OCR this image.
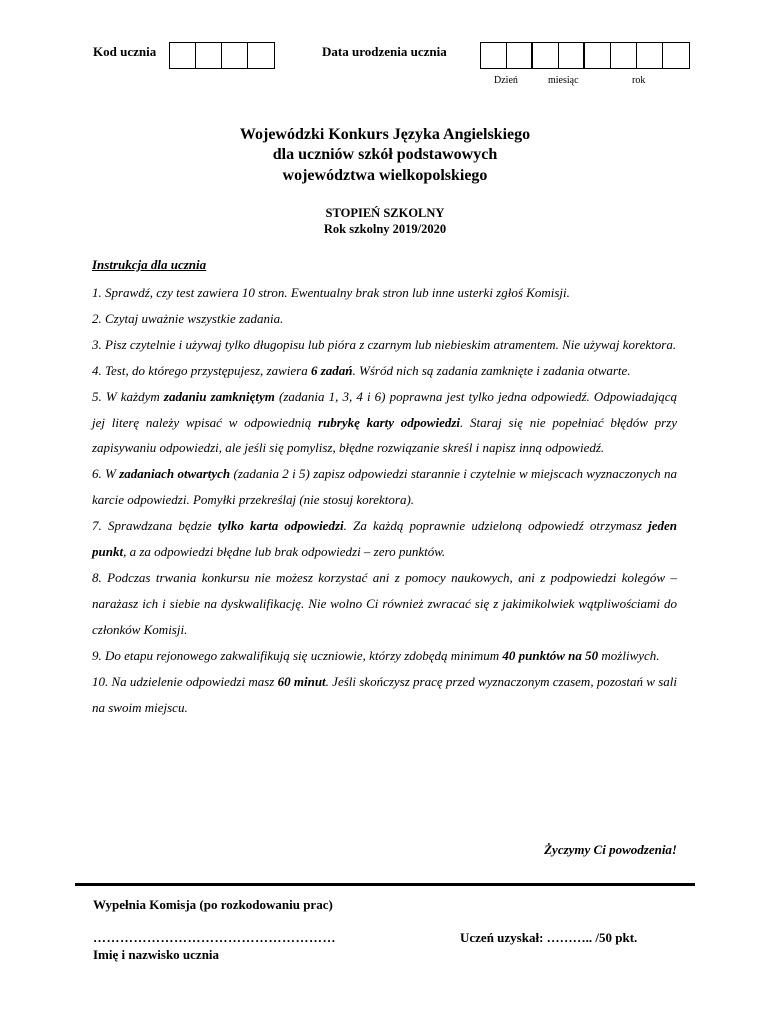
Kod ucznia	Data urodzenia ucznia
Dzień	miesiąc	rok
Wojewódzki Konkurs Języka Angielskiego
dla uczniów szkół podstawowych
województwa wielkopolskiego
STOPIEŃ SZKOLNY
Rok szkolny 2019/2020
Instrukcja dla ucznia

1. Sprawdź, czy test zawiera 10 stron. Ewentualny brak stron lub inne usterki zgłoś Komisji.

2. Czytaj uważnie wszystkie zadania.

3. Pisz czytelnie i używaj tylko długopisu lub pióra z czarnym lub niebieskim atramentem. Nie używaj korektora.

4. Test, do którego przystępujesz, zawiera 6 zadań. Wśród nich są zadania zamknięte i zadania otwarte.

5. W każdym zadaniu zamkniętym (zadania 1, 3, 4 i 6) poprawna jest tylko jedna odpowiedź. Odpowiadającą jej literę należy wpisać w odpowiednią rubrykę karty odpowiedzi. Staraj się nie popełniać błędów przy zapisywaniu odpowiedzi, ale jeśli się pomylisz, błędne rozwiązanie skreśl i napisz inną odpowiedź.

6. W zadaniach otwartych (zadania 2 i 5) zapisz odpowiedzi starannie i czytelnie w miejscach wyznaczonych na karcie odpowiedzi. Pomyłki przekreślaj (nie stosuj korektora).

7. Sprawdzana będzie tylko karta odpowiedzi. Za każdą poprawnie udzieloną odpowiedź otrzymasz jeden punkt, a za odpowiedzi błędne lub brak odpowiedzi – zero punktów.

8. Podczas trwania konkursu nie możesz korzystać ani z pomocy naukowych, ani z podpowiedzi kolegów – narażasz ich i siebie na dyskwalifikację. Nie wolno Ci również zwracać się z jakimikolwiek wątpliwościami do członków Komisji.

9. Do etapu rejonowego zakwalifikują się uczniowie, którzy zdobędą minimum 40 punktów na 50 możliwych.

10. Na udzielenie odpowiedzi masz 60 minut. Jeśli skończysz pracę przed wyznaczonym czasem, pozostań w sali na swoim miejscu.

Życzymy Ci powodzenia!
Wypełnia Komisja (po rozkodowaniu prac)
………………………………………………
Imię i nazwisko ucznia
Uczeń uzyskał: ……….. /50 pkt.
